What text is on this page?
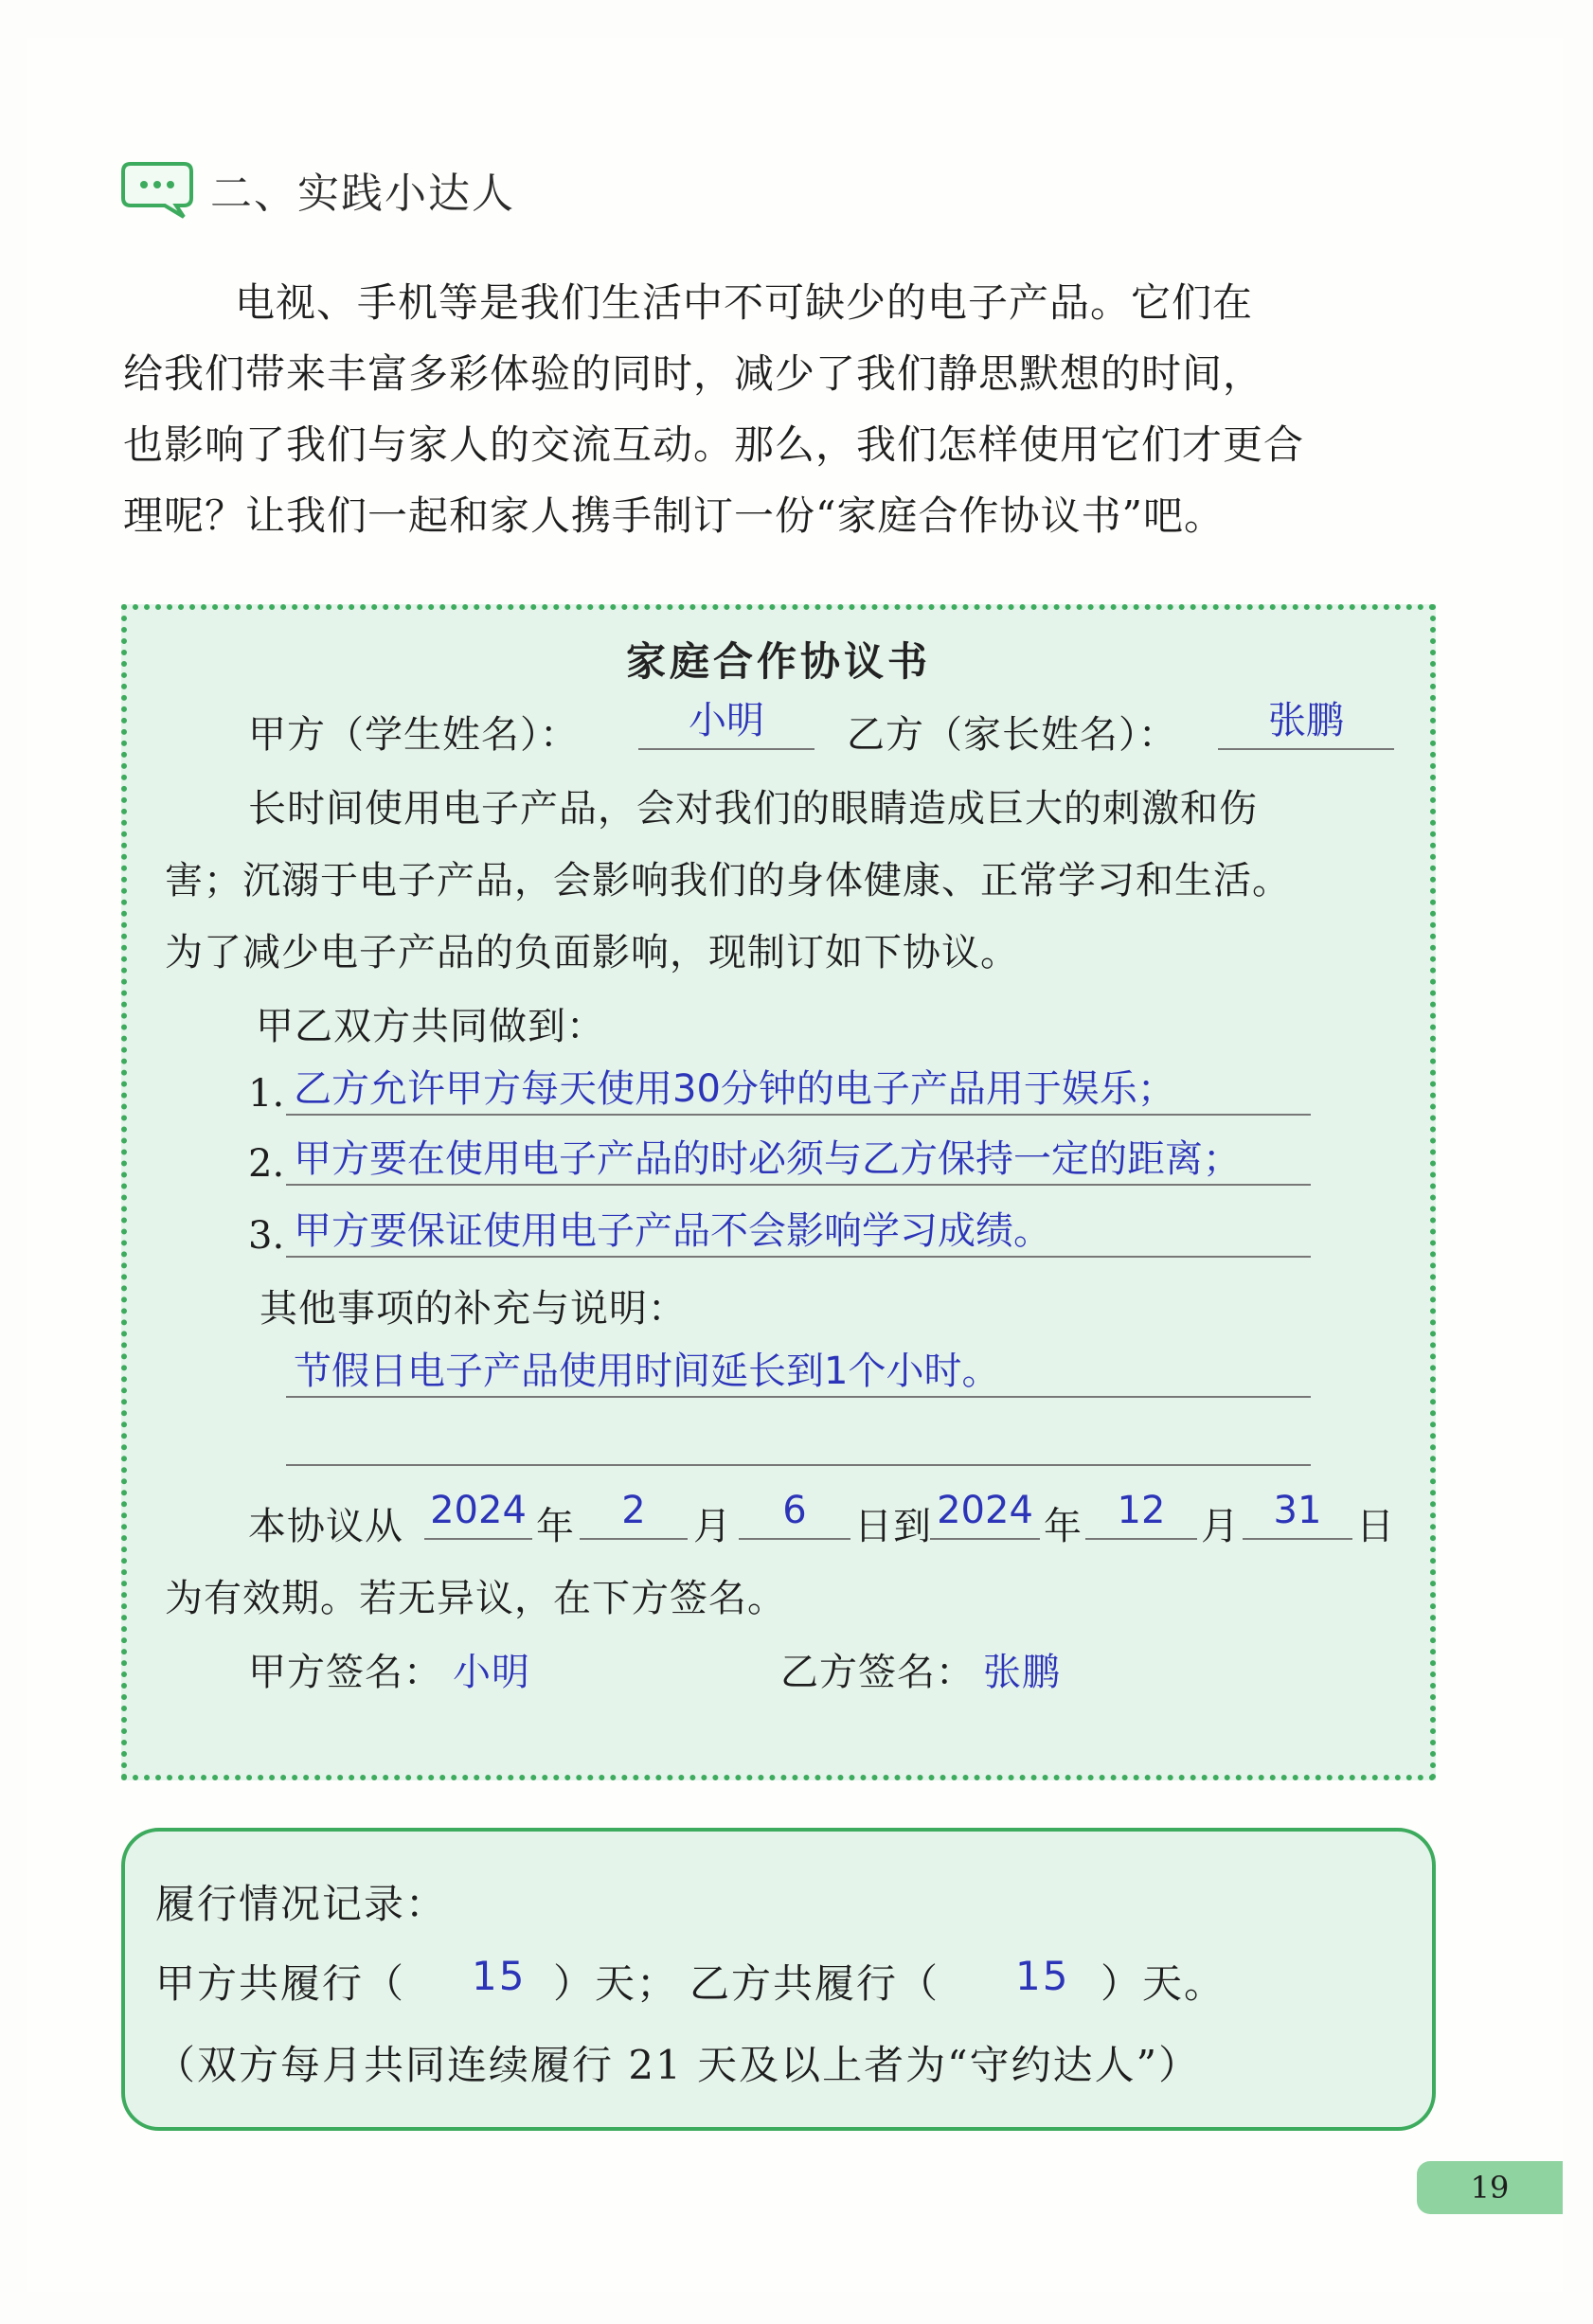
二、实践小达人

电视、手机等是我们生活中不可缺少的电子产品。它们在

给我们带来丰富多彩体验的同时，减少了我们静思默想的时间，

也影响了我们与家人的交流互动。那么，我们怎样使用它们才更合

理呢？让我们一起和家人携手制订一份“家庭合作协议书”吧。

家庭合作协议书
甲方（学生姓名）：	小明	乙方（家长姓名）：	张鹏
长时间使用电子产品，会对我们的眼睛造成巨大的刺激和伤
害；沉溺于电子产品，会影响我们的身体健康、正常学习和生活。
为了减少电子产品的负面影响，现制订如下协议。
甲乙双方共同做到：
1. 乙方允许甲方每天使用30分钟的电子产品用于娱乐；
2. 甲方要在使用电子产品的时必须与乙方保持一定的距离；
3. 甲方要保证使用电子产品不会影响学习成绩。
其他事项的补充与说明：
节假日电子产品使用时间延长到1个小时。
本协议从 2024 年	2	月	6	日到 2024 年 12 月 31 日
为有效期。若无异议，在下方签名。
甲方签名： 小明	乙方签名： 张鹏
履行情况记录：
甲方共履行（ 15 ）天； 乙方共履行（ 15 ）天。
（双方每月共同连续履行 21 天及以上者为“守约达人”）
19
